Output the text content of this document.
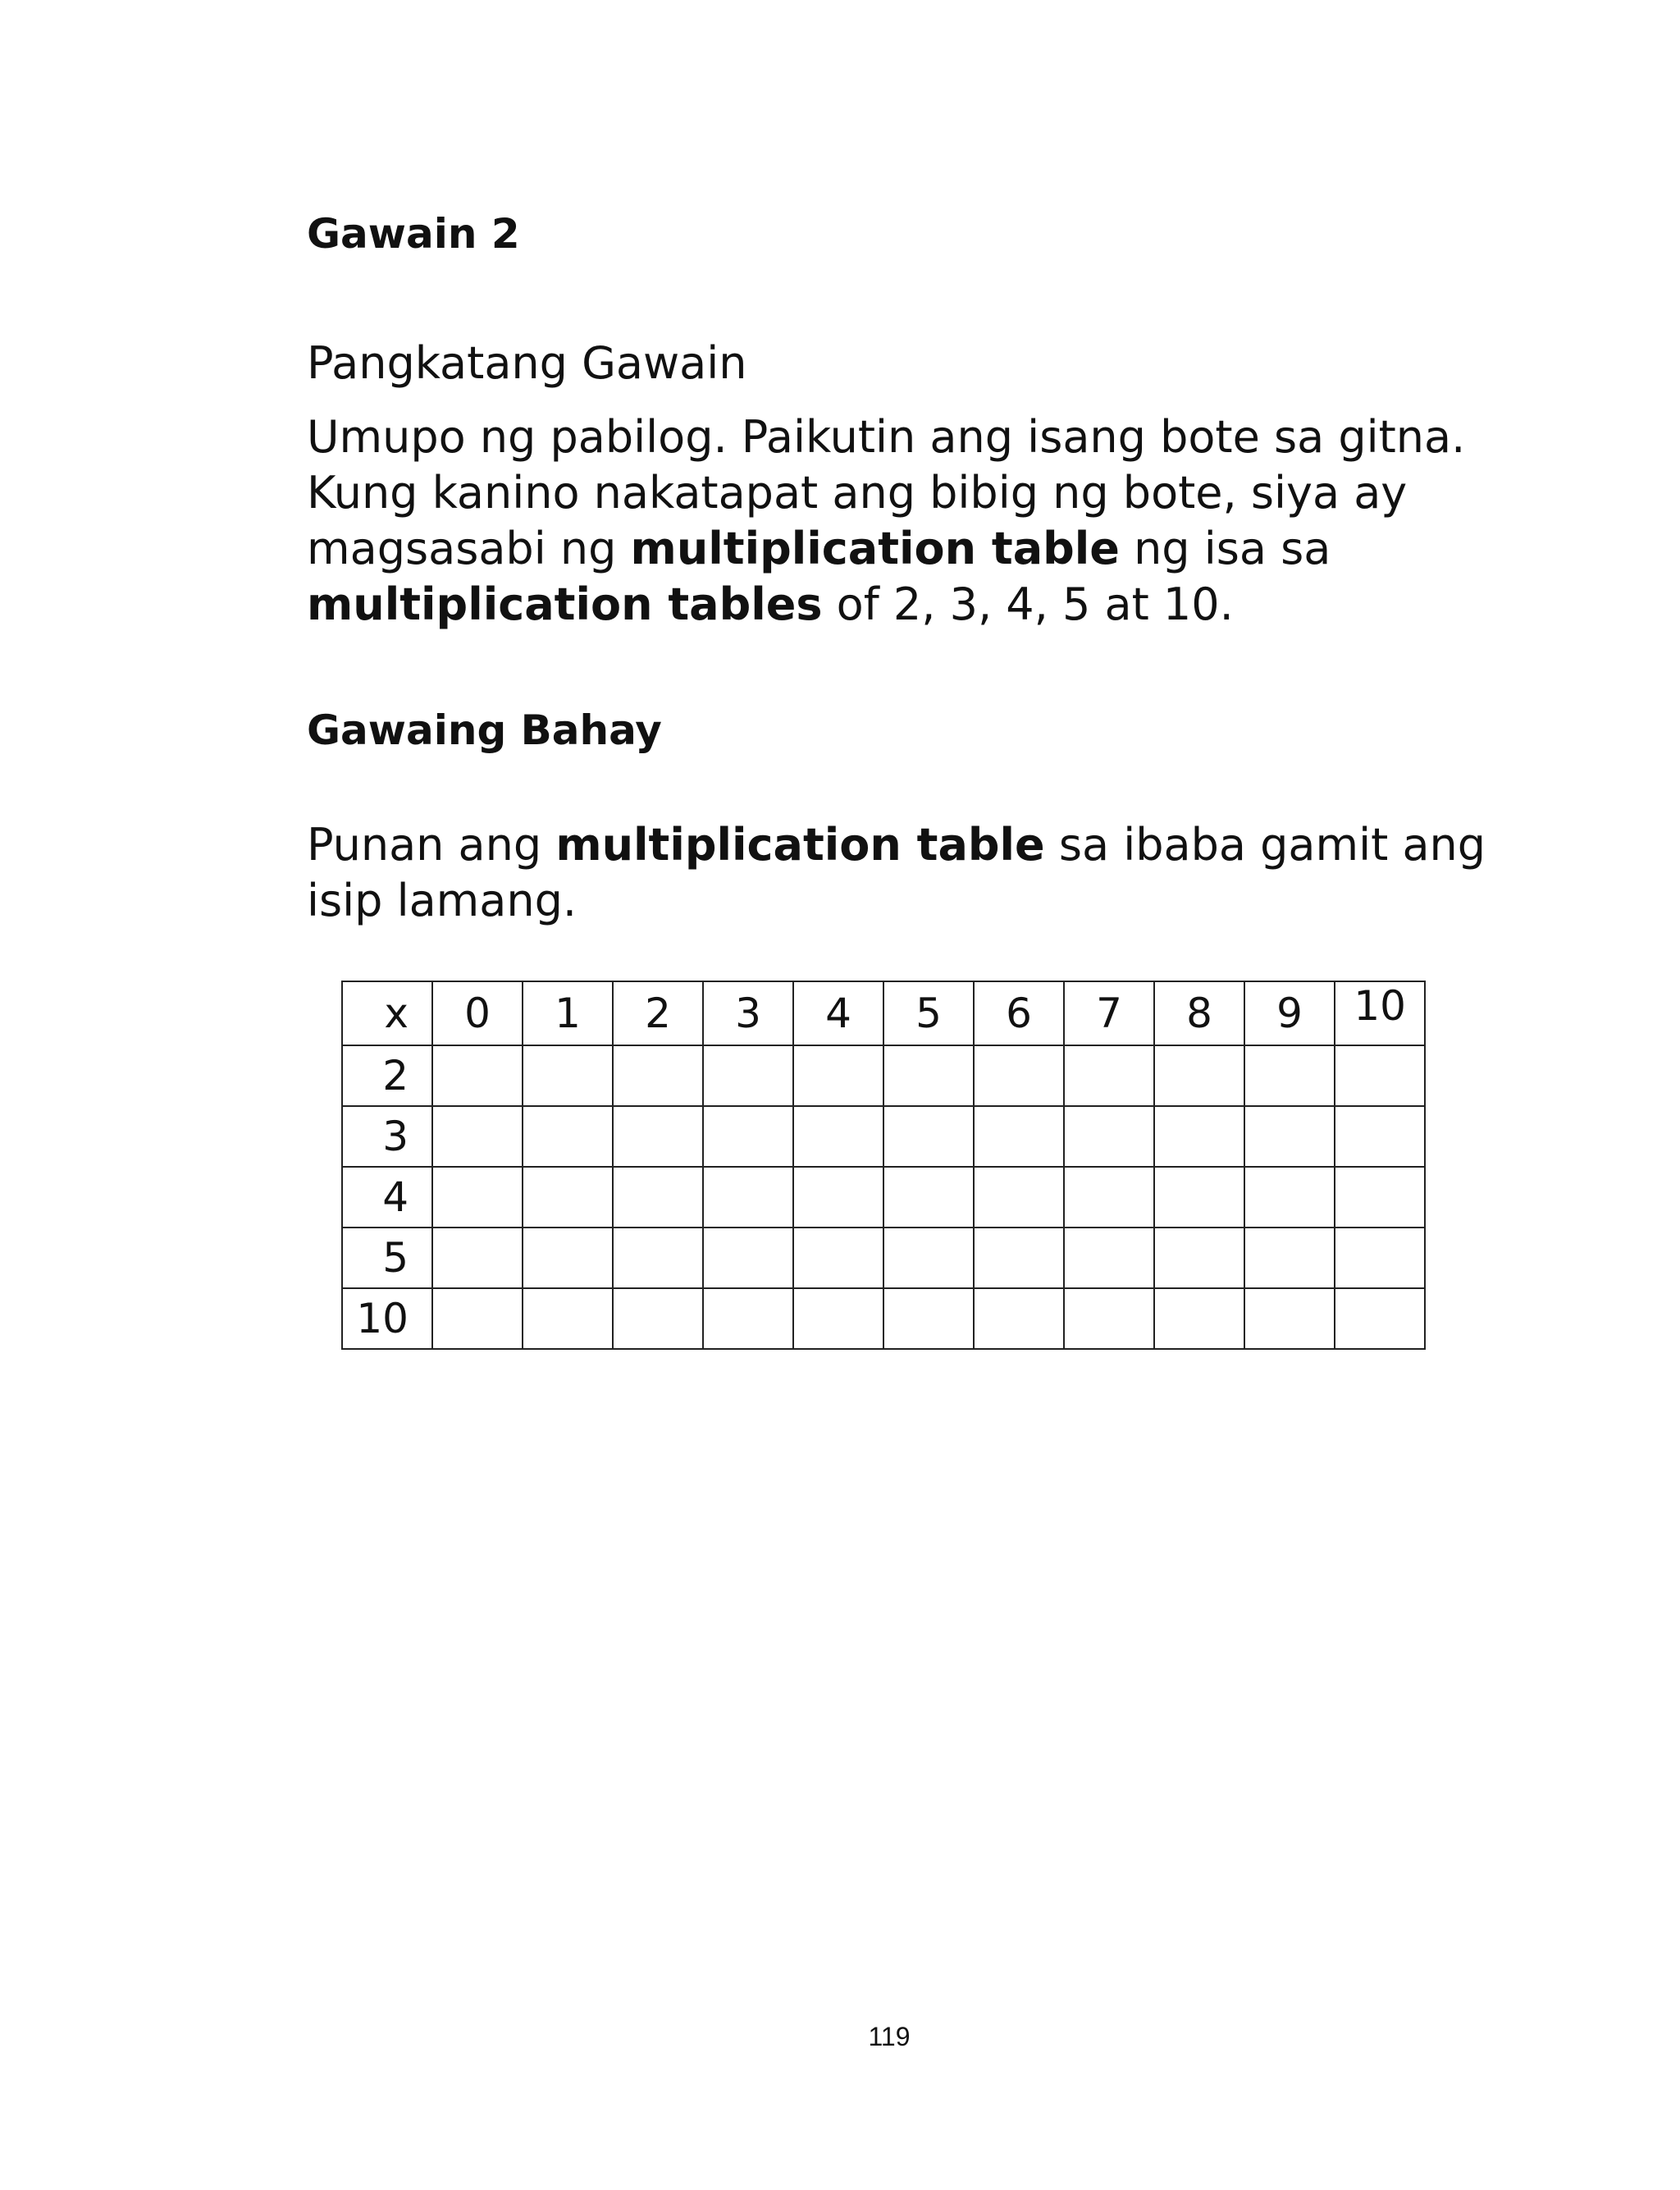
Gawain 2

Pangkatang Gawain

Umupo ng pabilog. Paikutin ang isang bote sa gitna.

Kung kanino nakatapat ang bibig ng bote, siya ay

magsasabi ng multiplication table ng isa sa

multiplication tables of 2, 3, 4, 5 at 10.

Gawaing Bahay

Punan ang multiplication table sa ibaba gamit ang

isip lamang.

x	0	1	2	3	4	5	6	7	8	9	10
2											
3											
4											
5											
10											
119
